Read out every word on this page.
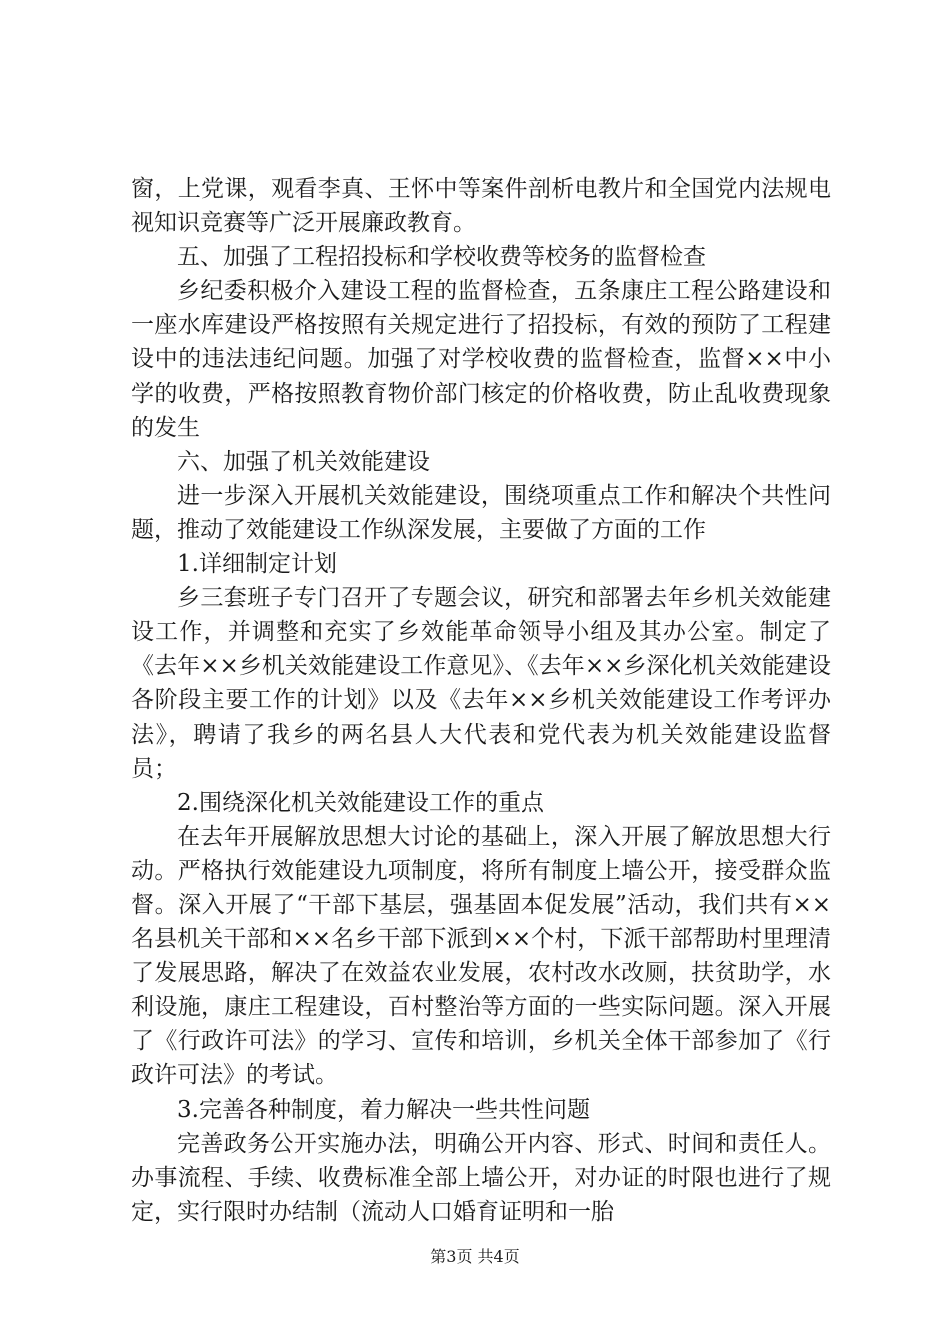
窗，上党课，观看李真、王怀中等案件剖析电教片和全国党内法规电视知识竞赛等广泛开展廉政教育。

五、加强了工程招投标和学校收费等校务的监督检查

乡纪委积极介入建设工程的监督检查，五条康庄工程公路建设和一座水库建设严格按照有关规定进行了招投标，有效的预防了工程建设中的违法违纪问题。加强了对学校收费的监督检查，监督××中小学的收费，严格按照教育物价部门核定的价格收费，防止乱收费现象的发生

六、加强了机关效能建设

进一步深入开展机关效能建设，围绕项重点工作和解决个共性问题，推动了效能建设工作纵深发展，主要做了方面的工作

1.详细制定计划

乡三套班子专门召开了专题会议，研究和部署去年乡机关效能建设工作，并调整和充实了乡效能革命领导小组及其办公室。制定了《去年××乡机关效能建设工作意见》、《去年××乡深化机关效能建设各阶段主要工作的计划》以及《去年××乡机关效能建设工作考评办法》，聘请了我乡的两名县人大代表和党代表为机关效能建设监督员；

2.围绕深化机关效能建设工作的重点

在去年开展解放思想大讨论的基础上，深入开展了解放思想大行动。严格执行效能建设九项制度，将所有制度上墙公开，接受群众监督。深入开展了“干部下基层，强基固本促发展”活动，我们共有××名县机关干部和××名乡干部下派到××个村，下派干部帮助村里理清了发展思路，解决了在效益农业发展，农村改水改厕，扶贫助学，水利设施，康庄工程建设，百村整治等方面的一些实际问题。深入开展了《行政许可法》的学习、宣传和培训，乡机关全体干部参加了《行政许可法》的考试。

3.完善各种制度，着力解决一些共性问题

完善政务公开实施办法，明确公开内容、形式、时间和责任人。办事流程、手续、收费标准全部上墙公开，对办证的时限也进行了规定，实行限时办结制（流动人口婚育证明和一胎

第3页 共4页
